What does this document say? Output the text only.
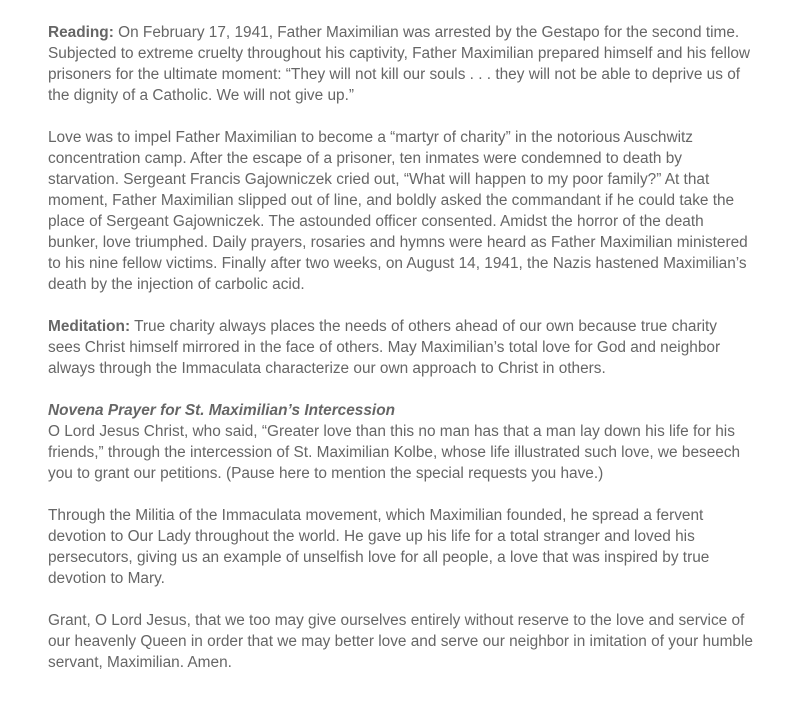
Reading: On February 17, 1941, Father Maximilian was arrested by the Gestapo for the second time. Subjected to extreme cruelty throughout his captivity, Father Maximilian prepared himself and his fellow prisoners for the ultimate moment: “They will not kill our souls . . . they will not be able to deprive us of the dignity of a Catholic. We will not give up.”

Love was to impel Father Maximilian to become a “martyr of charity” in the notorious Auschwitz concentration camp. After the escape of a prisoner, ten inmates were condemned to death by starvation. Sergeant Francis Gajowniczek cried out, “What will happen to my poor family?” At that moment, Father Maximilian slipped out of line, and boldly asked the commandant if he could take the place of Sergeant Gajowniczek. The astounded officer consented. Amidst the horror of the death bunker, love triumphed. Daily prayers, rosaries and hymns were heard as Father Maximilian ministered to his nine fellow victims. Finally after two weeks, on August 14, 1941, the Nazis hastened Maximilian’s death by the injection of carbolic acid.

Meditation: True charity always places the needs of others ahead of our own because true charity sees Christ himself mirrored in the face of others. May Maximilian’s total love for God and neighbor always through the Immaculata characterize our own approach to Christ in others.

Novena Prayer for St. Maximilian’s Intercession
O Lord Jesus Christ, who said, “Greater love than this no man has that a man lay down his life for his friends,” through the intercession of St. Maximilian Kolbe, whose life illustrated such love, we beseech you to grant our petitions. (Pause here to mention the special requests you have.)

Through the Militia of the Immaculata movement, which Maximilian founded, he spread a fervent devotion to Our Lady throughout the world. He gave up his life for a total stranger and loved his persecutors, giving us an example of unselfish love for all people, a love that was inspired by true devotion to Mary.

Grant, O Lord Jesus, that we too may give ourselves entirely without reserve to the love and service of our heavenly Queen in order that we may better love and serve our neighbor in imitation of your humble servant, Maximilian. Amen.
